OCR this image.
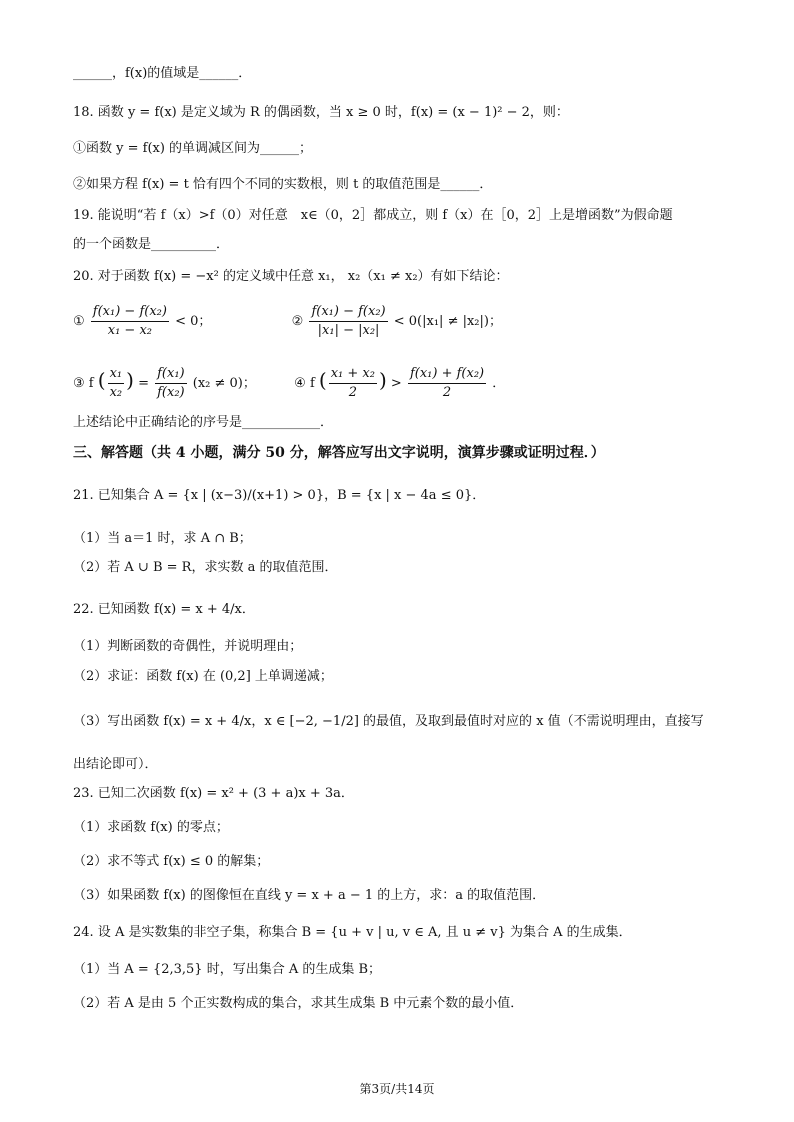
______，f(x)的值域是______．
18. 函数 y = f(x) 是定义域为 R 的偶函数，当 x ≥ 0 时，f(x) = (x − 1)² − 2，则：
①函数 y = f(x) 的单调减区间为______；
②如果方程 f(x) = t 恰有四个不同的实数根，则 t 的取值范围是______．
19. 能说明“若 f（x）>f（0）对任意　x∈（0，2］都成立，则 f（x）在［0，2］上是增函数”为假命题
的一个函数是__________．
20. 对于函数 f(x) = −x² 的定义域中任意 x₁， x₂（x₁ ≠ x₂）有如下结论：
① $\frac{\text{f(x₁) − f(x₂)}}{\text{x₁ − x₂}} < 0$；	② $\frac{\text{f(x₁) − f(x₂)}}{\text{|x₁| − |x₂|}} < 0(|x_1| \ne |x_2|)$；
③ f ( $\frac{\text{x₁}}{\text{x₂}}$ ) = $\frac{\text{f(x₁)}}{\text{f(x₂)}} (x_2 \ne 0)$；	④ f ( $\frac{\text{x₁ + x₂}}{2}$ ) > $\frac{\text{f(x₁) + f(x₂)}}{2}$ ．
上述结论中正确结论的序号是____________．
三、解答题（共 4 小题，满分 50 分，解答应写出文字说明，演算步骤或证明过程．）
21. 已知集合 A = {x | (x−3)/(x+1) > 0}，B = {x | x − 4a ≤ 0}．
（1）当 a＝1 时，求 A ∩ B；
（2）若 A ∪ B = R，求实数 a 的取值范围．
22. 已知函数 f(x) = x + 4/x．
（1）判断函数的奇偶性，并说明理由；
（2）求证：函数 f(x) 在 (0,2] 上单调递减；
（3）写出函数 f(x) = x + 4/x，x ∈ [−2, −1/2] 的最值，及取到最值时对应的 x 值（不需说明理由，直接写
出结论即可）．
23. 已知二次函数 f(x) = x² + (3 + a)x + 3a．
（1）求函数 f(x) 的零点；
（2）求不等式 f(x) ≤ 0 的解集；
（3）如果函数 f(x) 的图像恒在直线 y = x + a − 1 的上方，求：a 的取值范围．
24. 设 A 是实数集的非空子集，称集合 B = {u + v | u, v ∈ A, 且 u ≠ v} 为集合 A 的生成集．
（1）当 A = {2,3,5} 时，写出集合 A 的生成集 B；
（2）若 A 是由 5 个正实数构成的集合，求其生成集 B 中元素个数的最小值．
第3页/共14页
